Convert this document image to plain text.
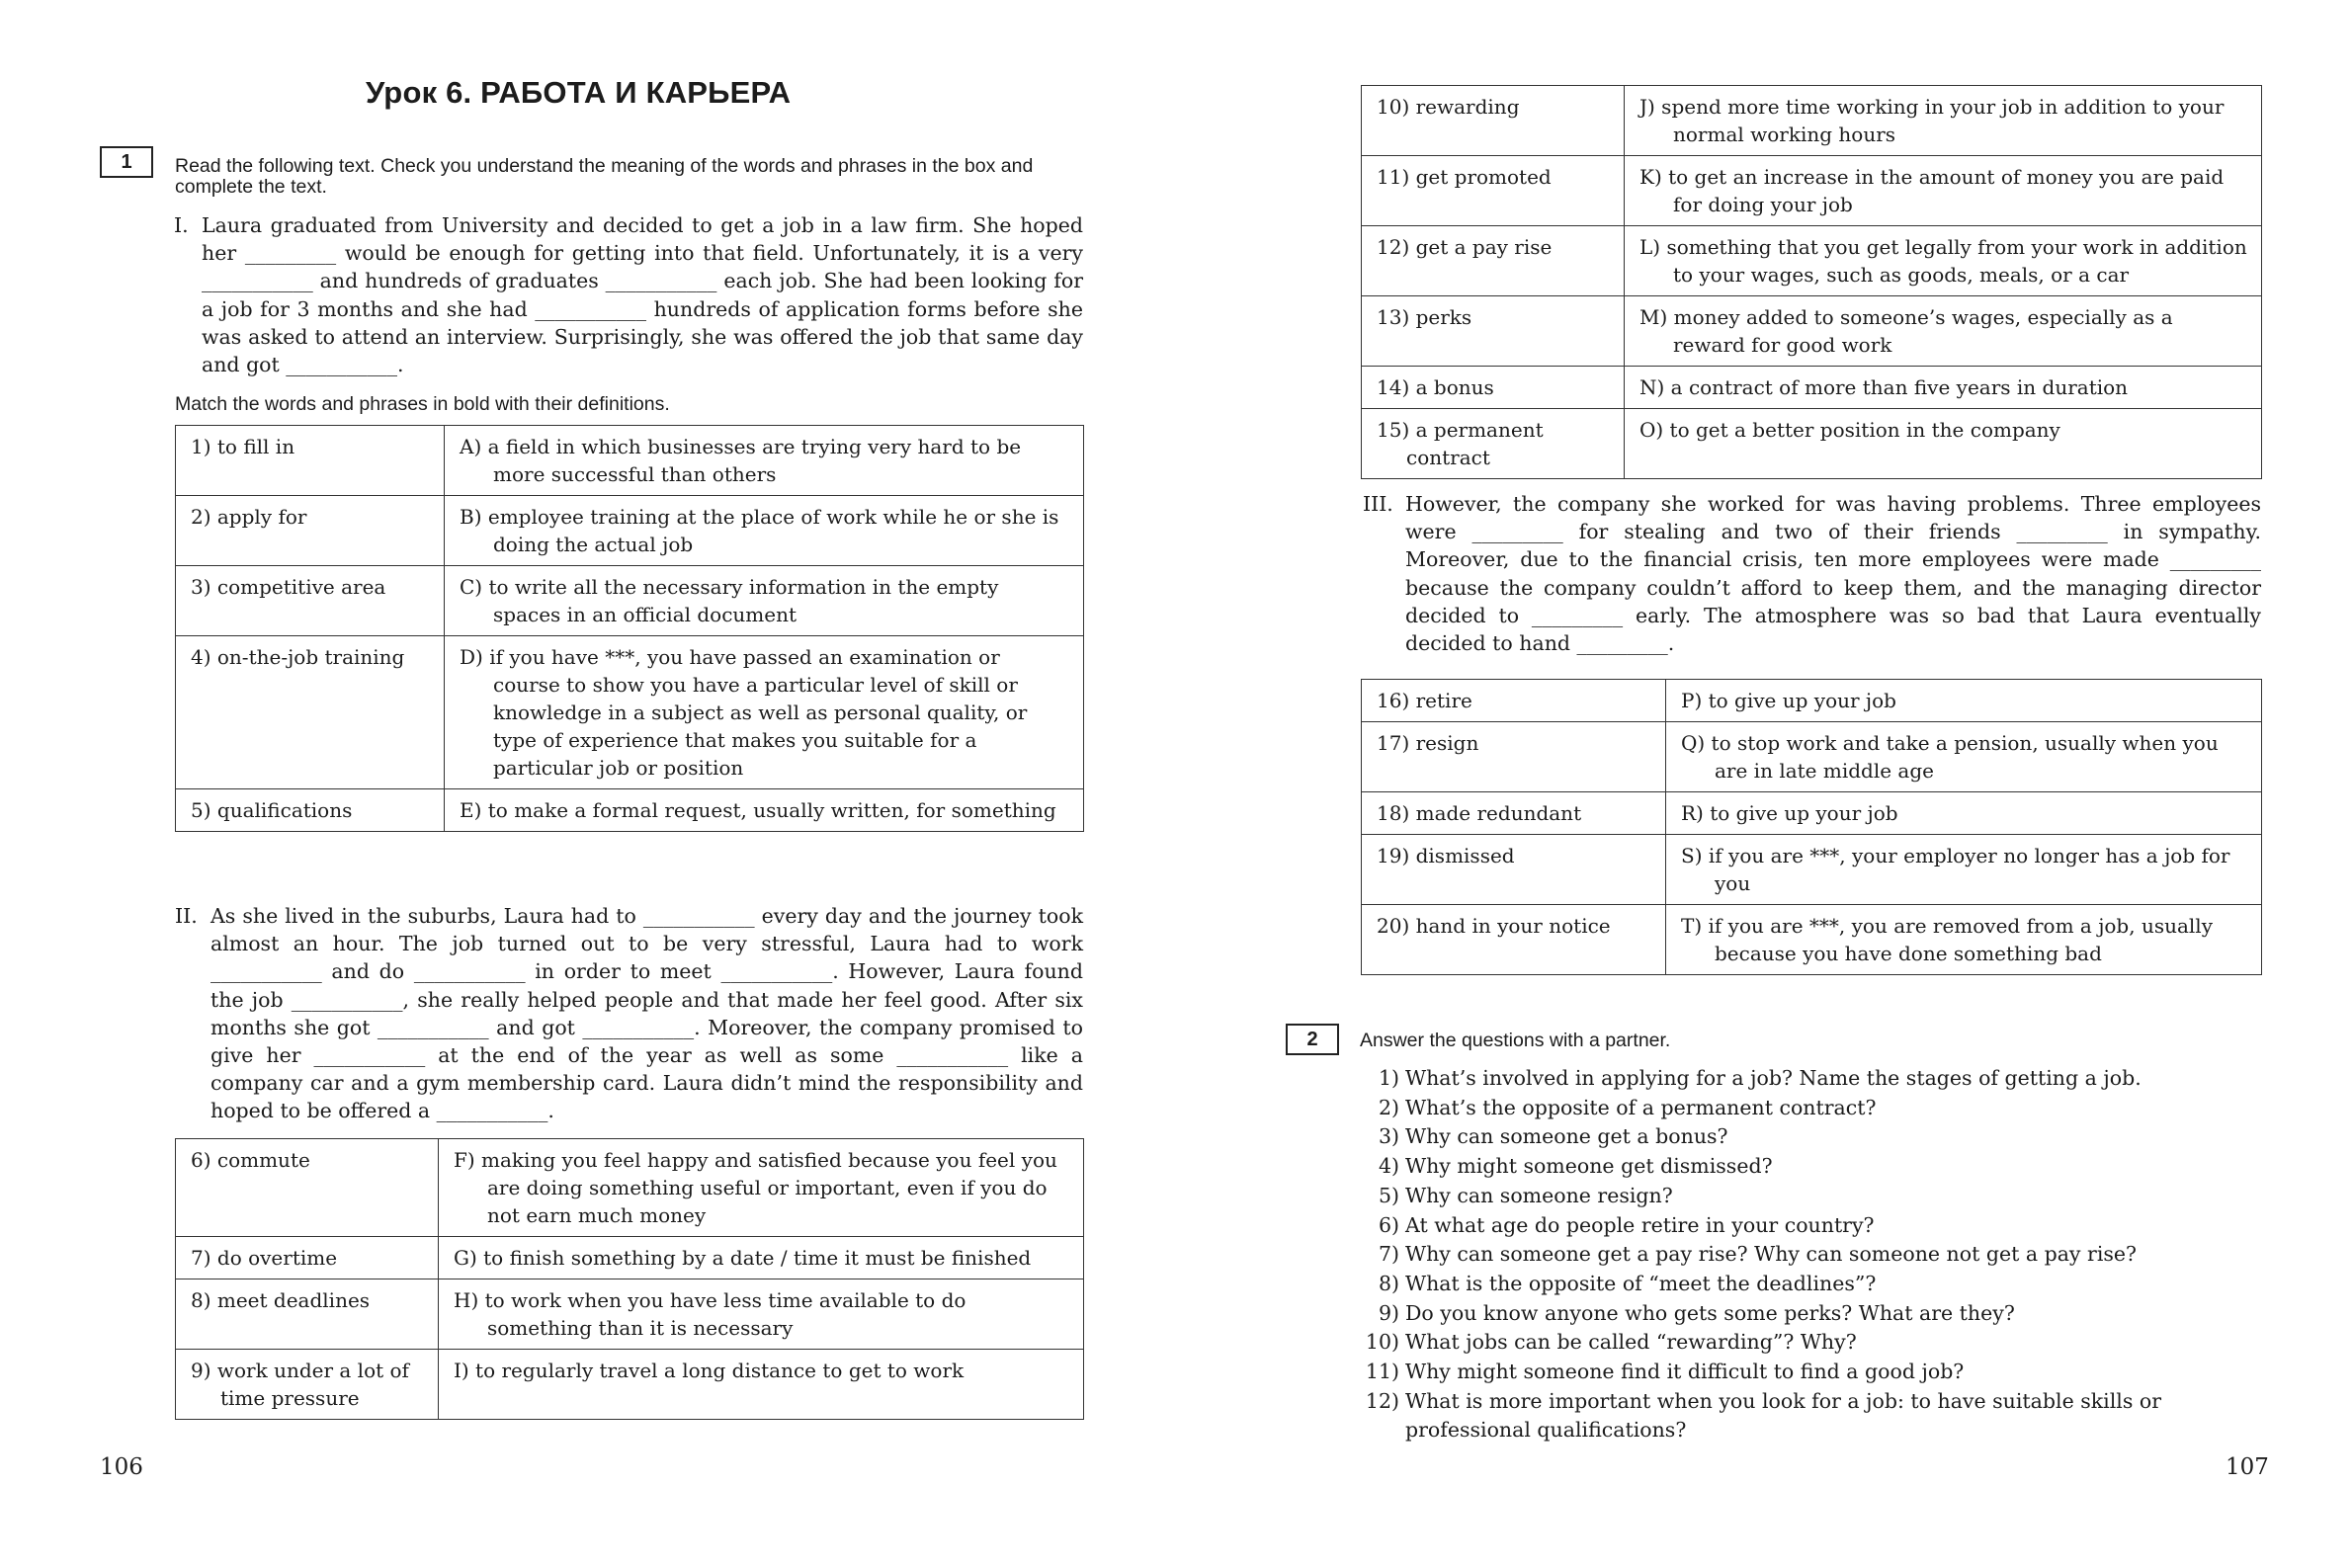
Урок 6. РАБОТА И КАРЬЕРА
1	Read the following text. Check you understand the meaning of the words and phrases in the box and complete the text.
I. Laura graduated from University and decided to get a job in a law firm. She hoped her _________ would be enough for getting into that field. Unfortunately, it is a very ___________ and hundreds of graduates ___________ each job. She had been looking for a job for 3 months and she had ___________ hundreds of application forms before she was asked to attend an interview. Surprisingly, she was offered the job that same day and got ___________.
Match the words and phrases in bold with their definitions.
1) to fill in	A) a field in which businesses are trying very hard to be more successful than others

2) apply for	B) employee training at the place of work while he or she is doing the actual job

3) competitive area	C) to write all the necessary information in the empty spaces in an official document

4) on-the-job training	D) if you have ***, you have passed an examination or course to show you have a particular level of skill or knowledge in a subject as well as personal quality, or type of experience that makes you suitable for a particular job or position

5) qualifications	E) to make a formal request, usually written, for something
II. As she lived in the suburbs, Laura had to ___________ every day and the journey took almost an hour. The job turned out to be very stressful, Laura had to work ___________ and do ___________ in order to meet ___________. However, Laura found the job ___________, she really helped people and that made her feel good. After six months she got ___________ and got ___________. Moreover, the company promised to give her ___________ at the end of the year as well as some ___________ like a company car and a gym membership card. Laura didn’t mind the responsibility and hoped to be offered a ___________.
6) commute	F) making you feel happy and satisfied because you feel you are doing something useful or important, even if you do not earn much money

7) do overtime	G) to finish something by a date / time it must be finished

8) meet deadlines	H) to work when you have less time available to do something than it is necessary

9) work under a lot of time pressure	I) to regularly travel a long distance to get to work
106
10) rewarding	J) spend more time working in your job in addition to your normal working hours

11) get promoted	K) to get an increase in the amount of money you are paid for doing your job

12) get a pay rise	L) something that you get legally from your work in addition to your wages, such as goods, meals, or a car

13) perks	M) money added to someone’s wages, especially as a reward for good work

14) a bonus	N) a contract of more than five years in duration

15) a permanent contract	O) to get a better position in the company
III. However, the company she worked for was having problems. Three employees were _________ for stealing and two of their friends _________ in sympathy. Moreover, due to the financial crisis, ten more employees were made _________ because the company couldn’t afford to keep them, and the managing director decided to _________ early. The atmosphere was so bad that Laura eventually decided to hand _________.
16) retire	P) to give up your job

17) resign	Q) to stop work and take a pension, usually when you are in late middle age

18) made redundant	R) to give up your job

19) dismissed	S) if you are ***, your employer no longer has a job for you

20) hand in your notice	T) if you are ***, you are removed from a job, usually because you have done something bad
2	Answer the questions with a partner.
1) What’s involved in applying for a job? Name the stages of getting a job.
2) What’s the opposite of a permanent contract?
3) Why can someone get a bonus?
4) Why might someone get dismissed?
5) Why can someone resign?
6) At what age do people retire in your country?
7) Why can someone get a pay rise? Why can someone not get a pay rise?
8) What is the opposite of “meet the deadlines”?
9) Do you know anyone who gets some perks? What are they?
10) What jobs can be called “rewarding”? Why?
11) Why might someone find it difficult to find a good job?
12) What is more important when you look for a job: to have suitable skills or professional qualifications?
107
